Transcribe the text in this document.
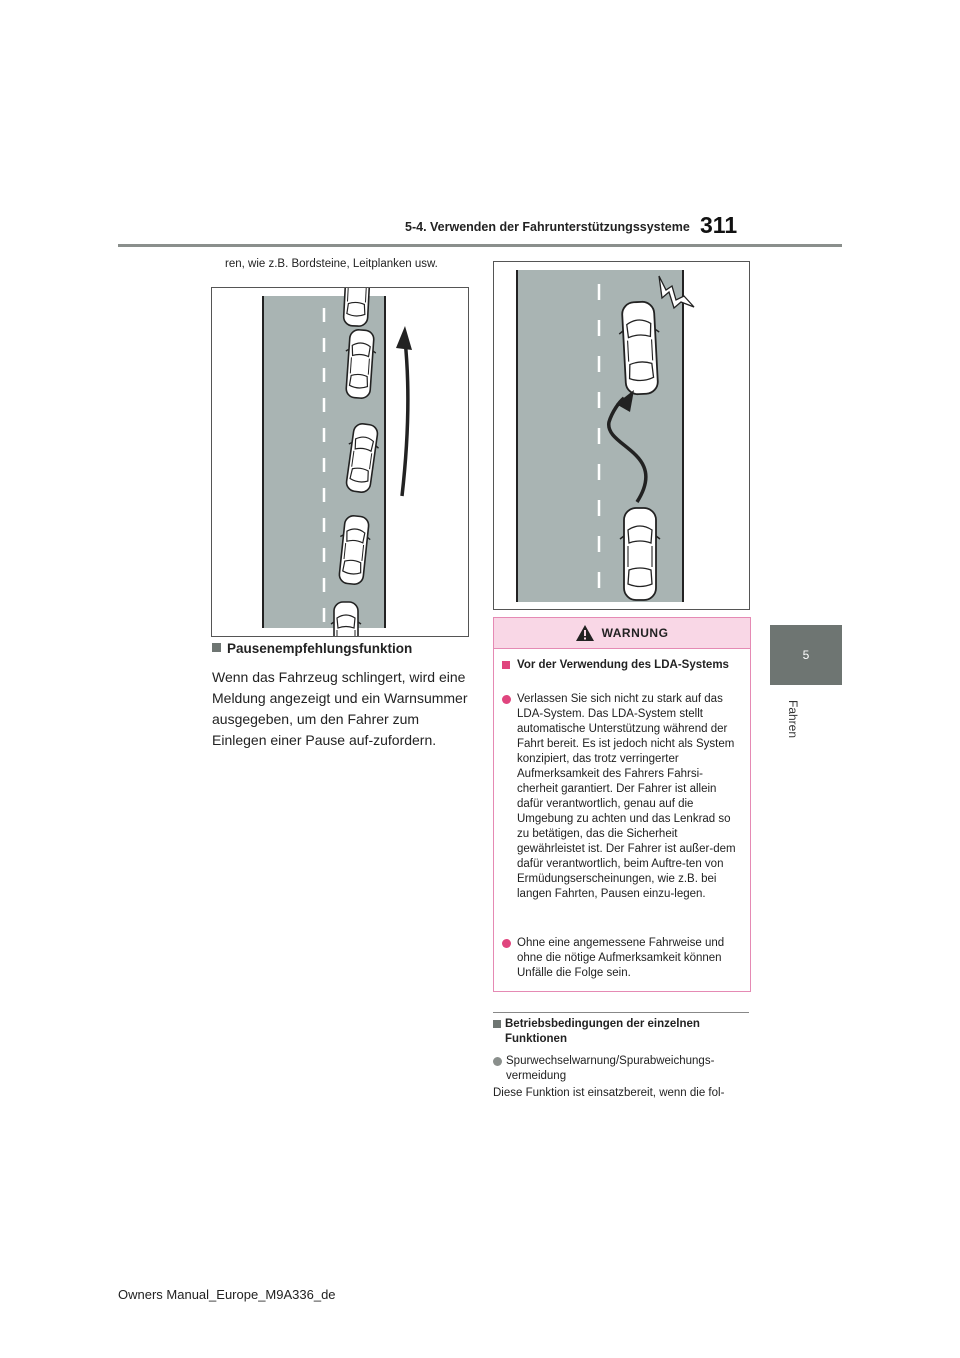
5-4. Verwenden der Fahrunterstützungssysteme 311
5
Fahren
ren, wie z.B. Bordsteine, Leitplanken usw.
Pausenempfehlungsfunktion
Wenn das Fahrzeug schlingert, wird eine Meldung angezeigt und ein Warnsummer ausgegeben, um den Fahrer zum Einlegen einer Pause auf-zufordern.
WARNUNG
Vor der Verwendung des LDA-Systems
Verlassen Sie sich nicht zu stark auf das LDA-System. Das LDA-System stellt automatische Unterstützung während der Fahrt bereit. Es ist jedoch nicht als System konzipiert, das trotz verringerter Aufmerksamkeit des Fahrers Fahrsi-cherheit garantiert. Der Fahrer ist allein dafür verantwortlich, genau auf die Umgebung zu achten und das Lenkrad so zu betätigen, das die Sicherheit gewährleistet ist. Der Fahrer ist außer-dem dafür verantwortlich, beim Auftre-ten von Ermüdungserscheinungen, wie z.B. bei langen Fahrten, Pausen einzu-legen.
Ohne eine angemessene Fahrweise und ohne die nötige Aufmerksamkeit können Unfälle die Folge sein.
Betriebsbedingungen der einzelnen Funktionen
Spurwechselwarnung/Spurabweichungs-vermeidung
Diese Funktion ist einsatzbereit, wenn die fol-
Owners Manual_Europe_M9A336_de
